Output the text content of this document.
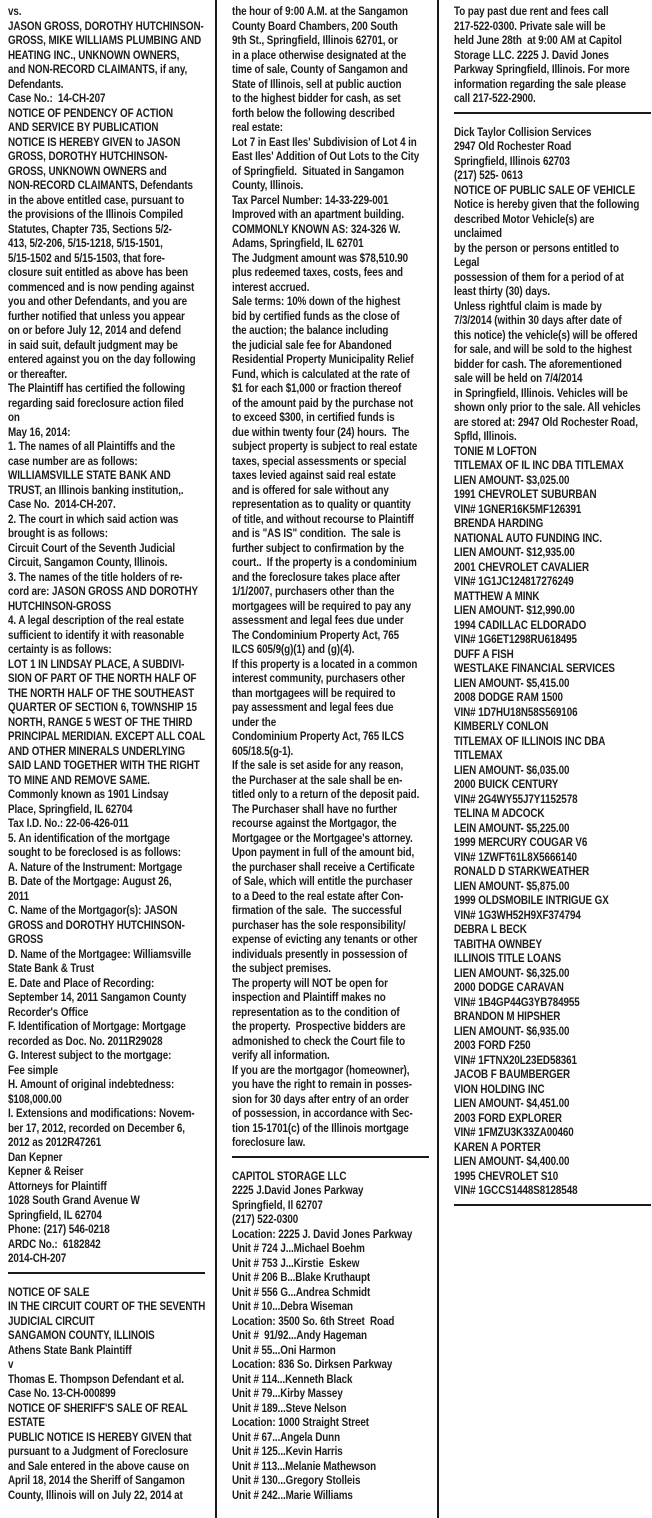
vs.
JASON GROSS, DOROTHY HUTCHINSON-
GROSS, MIKE WILLIAMS PLUMBING AND
HEATING INC., UNKNOWN OWNERS,
and NON-RECORD CLAIMANTS, if any,
Defendants.
Case No.:  14-CH-207
NOTICE OF PENDENCY OF ACTION
AND SERVICE BY PUBLICATION
NOTICE IS HEREBY GIVEN to JASON
GROSS, DOROTHY HUTCHINSON-
GROSS, UNKNOWN OWNERS and
NON-RECORD CLAIMANTS, Defendants
in the above entitled case, pursuant to
the provisions of the Illinois Compiled
Statutes, Chapter 735, Sections 5/2-
413, 5/2-206, 5/15-1218, 5/15-1501,
5/15-1502 and 5/15-1503, that fore-
closure suit entitled as above has been
commenced and is now pending against
you and other Defendants, and you are
further notified that unless you appear
on or before July 12, 2014 and defend
in said suit, default judgment may be
entered against you on the day following
or thereafter.
The Plaintiff has certified the following
regarding said foreclosure action filed
on
May 16, 2014:
1. The names of all Plaintiffs and the
case number are as follows:
WILLIAMSVILLE STATE BANK AND
TRUST, an Illinois banking institution,.
Case No.  2014-CH-207.
2. The court in which said action was
brought is as follows:
Circuit Court of the Seventh Judicial
Circuit, Sangamon County, Illinois.
3. The names of the title holders of re-
cord are: JASON GROSS AND DOROTHY
HUTCHINSON-GROSS
4. A legal description of the real estate
sufficient to identify it with reasonable
certainty is as follows:
LOT 1 IN LINDSAY PLACE, A SUBDIVI-
SION OF PART OF THE NORTH HALF OF
THE NORTH HALF OF THE SOUTHEAST
QUARTER OF SECTION 6, TOWNSHIP 15
NORTH, RANGE 5 WEST OF THE THIRD
PRINCIPAL MERIDIAN. EXCEPT ALL COAL
AND OTHER MINERALS UNDERLYING
SAID LAND TOGETHER WITH THE RIGHT
TO MINE AND REMOVE SAME.
Commonly known as 1901 Lindsay
Place, Springfield, IL 62704
Tax I.D. No.: 22-06-426-011
5. An identification of the mortgage
sought to be foreclosed is as follows:
A. Nature of the Instrument: Mortgage
B. Date of the Mortgage: August 26,
2011
C. Name of the Mortgagor(s): JASON
GROSS and DOROTHY HUTCHINSON-
GROSS
D. Name of the Mortgagee: Williamsville
State Bank & Trust
E. Date and Place of Recording:
September 14, 2011 Sangamon County
Recorder's Office
F. Identification of Mortgage: Mortgage
recorded as Doc. No. 2011R29028
G. Interest subject to the mortgage:
Fee simple
H. Amount of original indebtedness:
$108,000.00
I. Extensions and modifications: Novem-
ber 17, 2012, recorded on December 6,
2012 as 2012R47261
Dan Kepner
Kepner & Reiser
Attorneys for Plaintiff
1028 South Grand Avenue W
Springfield, IL 62704
Phone: (217) 546-0218
ARDC No.:  6182842
2014-CH-207
NOTICE OF SALE
IN THE CIRCUIT COURT OF THE SEVENTH
JUDICIAL CIRCUIT
SANGAMON COUNTY, ILLINOIS
Athens State Bank Plaintiff
v
Thomas E. Thompson Defendant et al.
Case No. 13-CH-000899
NOTICE OF SHERIFF'S SALE OF REAL
ESTATE
PUBLIC NOTICE IS HEREBY GIVEN that
pursuant to a Judgment of Foreclosure
and Sale entered in the above cause on
April 18, 2014 the Sheriff of Sangamon
County, Illinois will on July 22, 2014 at
the hour of 9:00 A.M. at the Sangamon
County Board Chambers, 200 South
9th St., Springfield, Illinois 62701, or
in a place otherwise designated at the
time of sale, County of Sangamon and
State of Illinois, sell at public auction
to the highest bidder for cash, as set
forth below the following described
real estate:
Lot 7 in East Iles' Subdivision of Lot 4 in
East Iles' Addition of Out Lots to the City
of Springfield.  Situated in Sangamon
County, Illinois.
Tax Parcel Number: 14-33-229-001
Improved with an apartment building.
COMMONLY KNOWN AS: 324-326 W.
Adams, Springfield, IL 62701
The Judgment amount was $78,510.90
plus redeemed taxes, costs, fees and
interest accrued.
Sale terms: 10% down of the highest
bid by certified funds as the close of
the auction; the balance including
the judicial sale fee for Abandoned
Residential Property Municipality Relief
Fund, which is calculated at the rate of
$1 for each $1,000 or fraction thereof
of the amount paid by the purchase not
to exceed $300, in certified funds is
due within twenty four (24) hours.  The
subject property is subject to real estate
taxes, special assessments or special
taxes levied against said real estate
and is offered for sale without any
representation as to quality or quantity
of title, and without recourse to Plaintiff
and is "AS IS" condition.  The sale is
further subject to confirmation by the
court..  If the property is a condominium
and the foreclosure takes place after
1/1/2007, purchasers other than the
mortgagees will be required to pay any
assessment and legal fees due under
The Condominium Property Act, 765
ILCS 605/9(g)(1) and (g)(4).
If this property is a located in a common
interest community, purchasers other
than mortgagees will be required to
pay assessment and legal fees due
under the
Condominium Property Act, 765 ILCS
605/18.5(g-1).
If the sale is set aside for any reason,
the Purchaser at the sale shall be en-
titled only to a return of the deposit paid.
The Purchaser shall have no further
recourse against the Mortgagor, the
Mortgagee or the Mortgagee's attorney.
Upon payment in full of the amount bid,
the purchaser shall receive a Certificate
of Sale, which will entitle the purchaser
to a Deed to the real estate after Con-
firmation of the sale.  The successful
purchaser has the sole responsibility/
expense of evicting any tenants or other
individuals presently in possession of
the subject premises.
The property will NOT be open for
inspection and Plaintiff makes no
representation as to the condition of
the property.  Prospective bidders are
admonished to check the Court file to
verify all information.
If you are the mortgagor (homeowner),
you have the right to remain in posses-
sion for 30 days after entry of an order
of possession, in accordance with Sec-
tion 15-1701(c) of the Illinois mortgage
foreclosure law.
CAPITOL STORAGE LLC
2225 J.David Jones Parkway
Springfield, Il 62707
(217) 522-0300
Location: 2225 J. David Jones Parkway
Unit # 724 J...Michael Boehm
Unit # 753 J...Kirstie  Eskew
Unit # 206 B...Blake Kruthaupt
Unit # 556 G...Andrea Schmidt
Unit # 10...Debra Wiseman
Location: 3500 So. 6th Street  Road
Unit #  91/92...Andy Hageman
Unit # 55...Oni Harmon
Location: 836 So. Dirksen Parkway
Unit # 114...Kenneth Black
Unit # 79...Kirby Massey
Unit # 189...Steve Nelson
Location: 1000 Straight Street
Unit # 67...Angela Dunn
Unit # 125...Kevin Harris
Unit # 113...Melanie Mathewson
Unit # 130...Gregory Stolleis
Unit # 242...Marie Williams
To pay past due rent and fees call
217-522-0300. Private sale will be
held June 28th  at 9:00 AM at Capitol
Storage LLC. 2225 J. David Jones
Parkway Springfield, Illinois. For more
information regarding the sale please
call 217-522-2900.
Dick Taylor Collision Services
2947 Old Rochester Road
Springfield, Illinois 62703
(217) 525- 0613
NOTICE OF PUBLIC SALE OF VEHICLE
Notice is hereby given that the following
described Motor Vehicle(s) are
unclaimed
by the person or persons entitled to
Legal
possession of them for a period of at
least thirty (30) days.
Unless rightful claim is made by
7/3/2014 (within 30 days after date of
this notice) the vehicle(s) will be offered
for sale, and will be sold to the highest
bidder for cash. The aforementioned
sale will be held on 7/4/2014
in Springfield, Illinois. Vehicles will be
shown only prior to the sale. All vehicles
are stored at: 2947 Old Rochester Road,
Spfld, Illinois.
TONIE M LOFTON
TITLEMAX OF IL INC DBA TITLEMAX
LIEN AMOUNT- $3,025.00
1991 CHEVROLET SUBURBAN
VIN# 1GNER16K5MF126391
BRENDA HARDING
NATIONAL AUTO FUNDING INC.
LIEN AMOUNT- $12,935.00
2001 CHEVROLET CAVALIER
VIN# 1G1JC124817276249
MATTHEW A MINK
LIEN AMOUNT- $12,990.00
1994 CADILLAC ELDORADO
VIN# 1G6ET1298RU618495
DUFF A FISH
WESTLAKE FINANCIAL SERVICES
LIEN AMOUNT- $5,415.00
2008 DODGE RAM 1500
VIN# 1D7HU18N58S569106
KIMBERLY CONLON
TITLEMAX OF ILLINOIS INC DBA
TITLEMAX
LIEN AMOUNT- $6,035.00
2000 BUICK CENTURY
VIN# 2G4WY55J7Y1152578
TELINA M ADCOCK
LEIN AMOUNT- $5,225.00
1999 MERCURY COUGAR V6
VIN# 1ZWFT61L8X5666140
RONALD D STARKWEATHER
LIEN AMOUNT- $5,875.00
1999 OLDSMOBILE INTRIGUE GX
VIN# 1G3WH52H9XF374794
DEBRA L BECK
TABITHA OWNBEY
ILLINOIS TITLE LOANS
LIEN AMOUNT- $6,325.00
2000 DODGE CARAVAN
VIN# 1B4GP44G3YB784955
BRANDON M HIPSHER
LIEN AMOUNT- $6,935.00
2003 FORD F250
VIN# 1FTNX20L23ED58361
JACOB F BAUMBERGER
VION HOLDING INC
LIEN AMOUNT- $4,451.00
2003 FORD EXPLORER
VIN# 1FMZU3K33ZA00460
KAREN A PORTER
LIEN AMOUNT- $4,400.00
1995 CHEVROLET S10
VIN# 1GCCS1448S8128548
